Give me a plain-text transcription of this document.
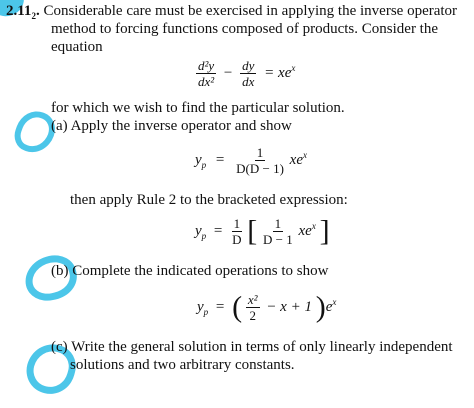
$2.11_2$. Considerable care must be exercised in applying the inverse operator
method to forcing functions composed of products. Consider the
equation
$\frac{\text{d²y}}{\text{dx²}} - \frac{dy}{dx} = xe^x$
for which we wish to find the particular solution.
(a) Apply the inverse operator and show
$y_p = \frac{1}{D(D - 1)} xe^x$
then apply Rule 2 to the bracketed expression:
$y_p = \frac{1}{D}$ [ $\frac{1}{D - 1} xe^x$ ]
(b) Complete the indicated operations to show
$y_p$ = ( $\frac{\text{x²}}{2} - x + 1$ )$e^x$
(c) Write the general solution in terms of only linearly independent
solutions and two arbitrary constants.
